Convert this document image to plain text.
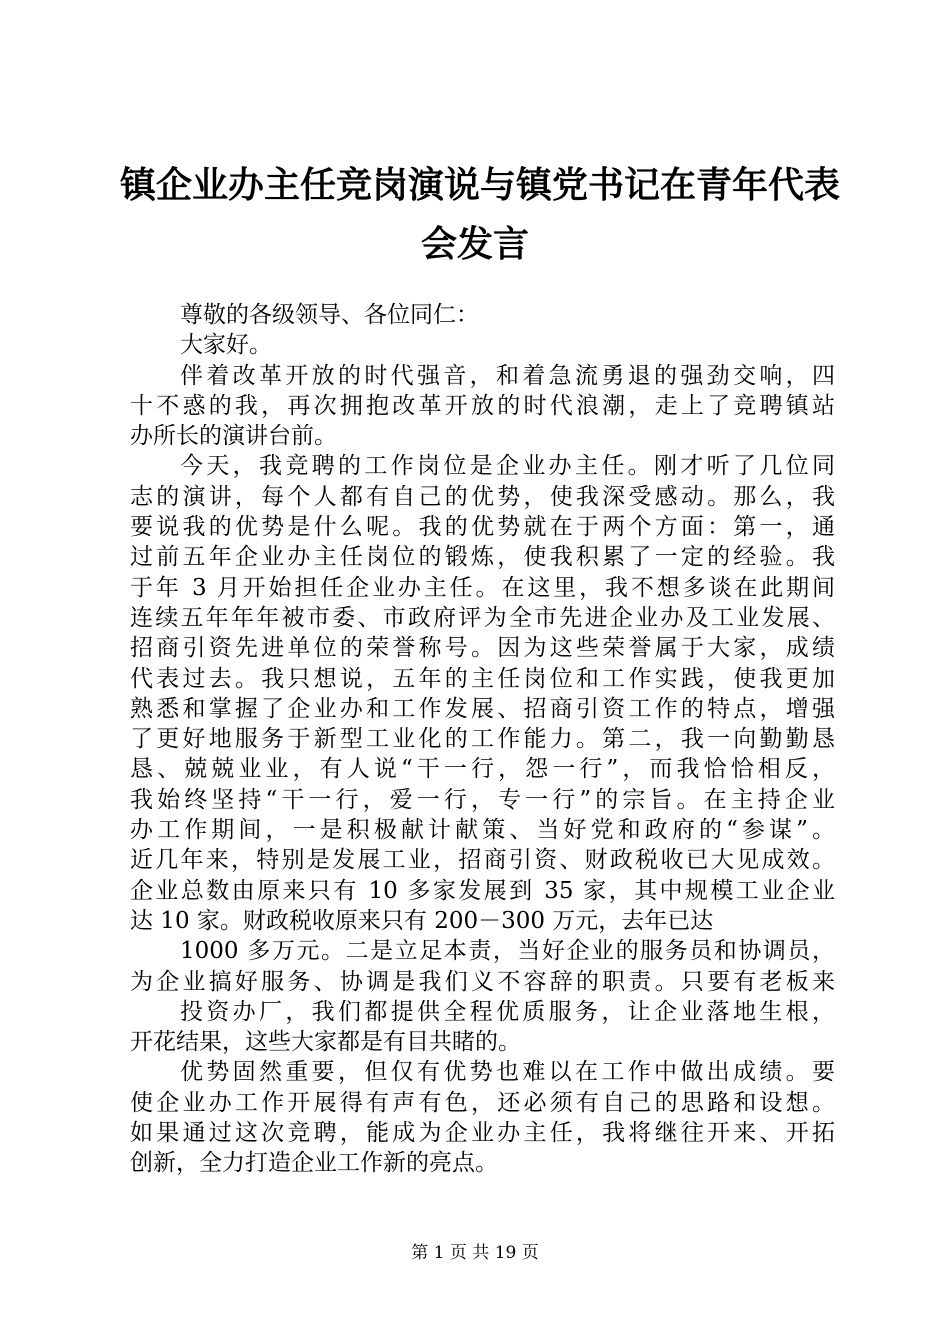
镇企业办主任竞岗演说与镇党书记在青年代表
会发言
尊敬的各级领导、各位同仁：
大家好。
伴着改革开放的时代强音，和着急流勇退的强劲交响，四
十不惑的我，再次拥抱改革开放的时代浪潮，走上了竞聘镇站
办所长的演讲台前。
今天，我竞聘的工作岗位是企业办主任。刚才听了几位同
志的演讲，每个人都有自己的优势，使我深受感动。那么，我
要说我的优势是什么呢。我的优势就在于两个方面：第一，通
过前五年企业办主任岗位的锻炼，使我积累了一定的经验。我
于年 3 月开始担任企业办主任。在这里，我不想多谈在此期间
连续五年年年被市委、市政府评为全市先进企业办及工业发展、
招商引资先进单位的荣誉称号。因为这些荣誉属于大家，成绩
代表过去。我只想说，五年的主任岗位和工作实践，使我更加
熟悉和掌握了企业办和工作发展、招商引资工作的特点，增强
了更好地服务于新型工业化的工作能力。第二，我一向勤勤恳
恳、兢兢业业，有人说“干一行，怨一行”，而我恰恰相反，
我始终坚持“干一行，爱一行，专一行”的宗旨。在主持企业
办工作期间，一是积极献计献策、当好党和政府的“参谋”。
近几年来，特别是发展工业，招商引资、财政税收已大见成效。
企业总数由原来只有 10 多家发展到 35 家，其中规模工业企业
达 10 家。财政税收原来只有 200－300 万元，去年已达
1000 多万元。二是立足本责，当好企业的服务员和协调员，
为企业搞好服务、协调是我们义不容辞的职责。只要有老板来
投资办厂，我们都提供全程优质服务，让企业落地生根，
开花结果，这些大家都是有目共睹的。
优势固然重要，但仅有优势也难以在工作中做出成绩。要
使企业办工作开展得有声有色，还必须有自己的思路和设想。
如果通过这次竞聘，能成为企业办主任，我将继往开来、开拓
创新，全力打造企业工作新的亮点。
第 1 页 共 19 页
